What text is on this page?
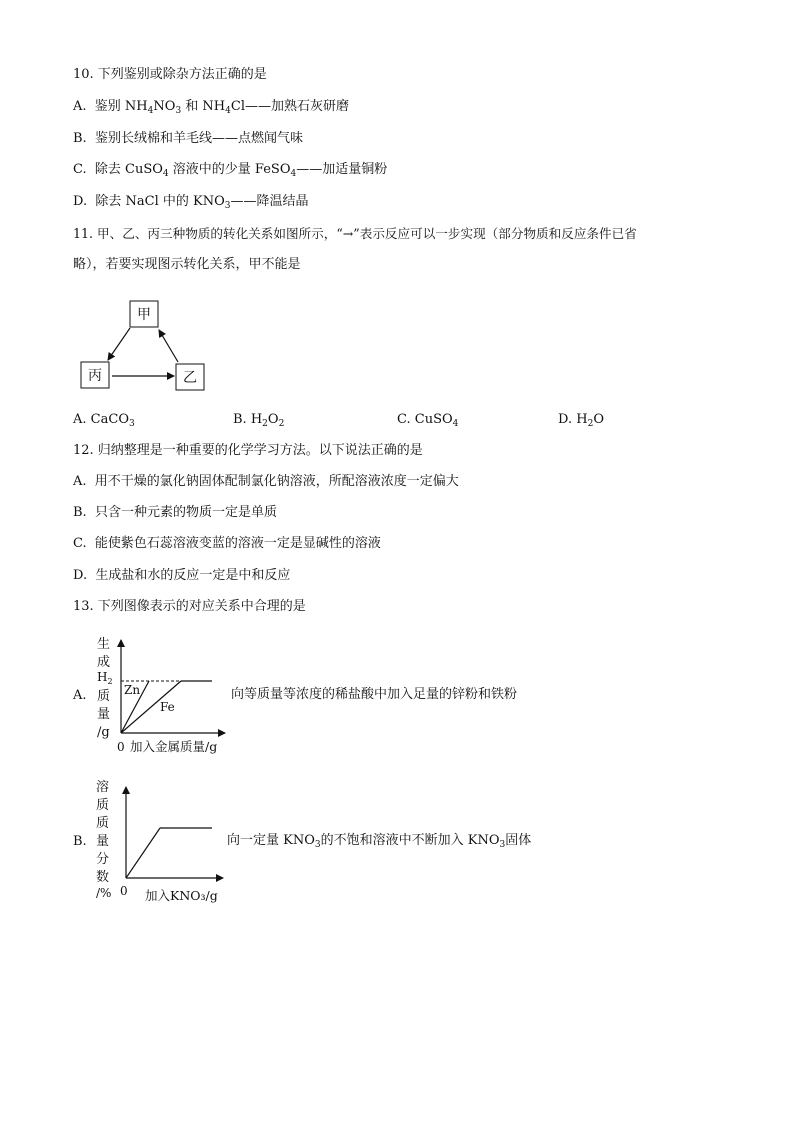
10. 下列鉴别或除杂方法正确的是
A. 鉴别 $NH_4NO_3$ 和 $NH_4Cl——$加熟石灰研磨
B. 鉴别长绒棉和羊毛线——点燃闻气味
C. 除去 CuSO$_4$ 溶液中的少量 FeSO$_4$——加适量铜粉
D. 除去 NaCl 中的 $KNO_3——$降温结晶
11. 甲、乙、丙三种物质的转化关系如图所示，“→”表示反应可以一步实现（部分物质和反应条件已省
略），若要实现图示转化关系，甲不能是
甲
丙	乙
A. CaCO$_3$	B. $H_2O_2$	C. CuSO$_4$	D. $H_2O$
12. 归纳整理是一种重要的化学学习方法。以下说法正确的是
A. 用不干燥的氯化钠固体配制氯化钠溶液，所配溶液浓度一定偏大
B. 只含一种元素的物质一定是单质
C. 能使紫色石蕊溶液变蓝的溶液一定是显碱性的溶液
D. 生成盐和水的反应一定是中和反应
13. 下列图像表示的对应关系中合理的是
A.
生
成
$H_2$
质
量
/g
Zn
Fe
0 加入金属质量/g
向等质量等浓度的稀盐酸中加入足量的锌粉和铁粉
B.
溶
质
质
量
分
数
/% 0 加入KNO₃/g
向一定量 $KNO_3$的不饱和溶液中不断加入 $KNO_3$固体
